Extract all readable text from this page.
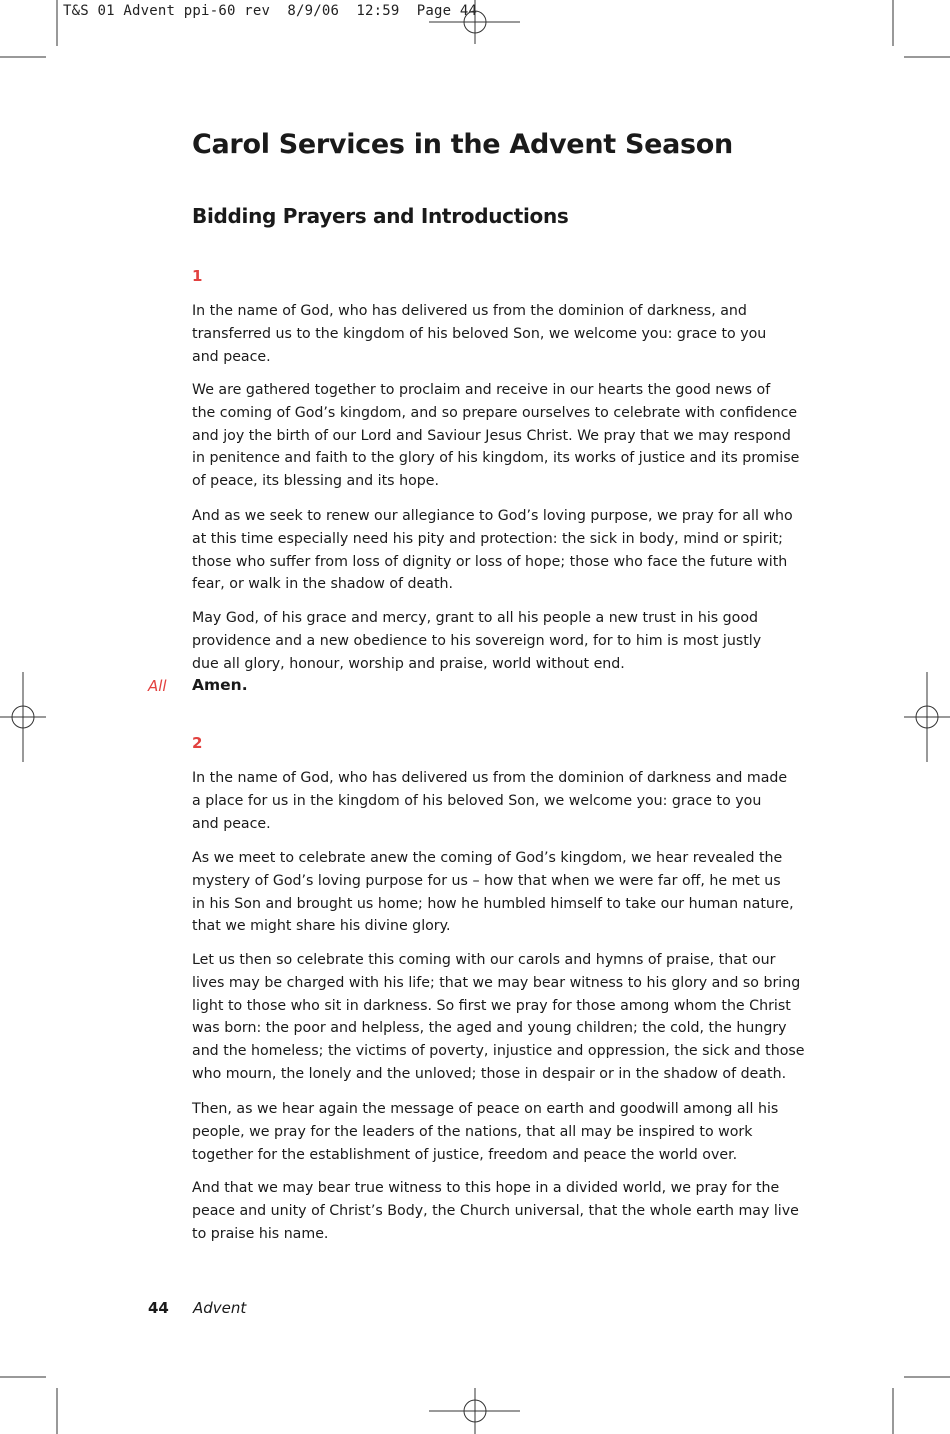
T&S 01 Advent ppi-60 rev  8/9/06  12:59  Page 44
Carol Services in the Advent Season
Bidding Prayers and Introductions
1

In the name of God, who has delivered us from the dominion of darkness, and
transferred us to the kingdom of his beloved Son, we welcome you: grace to you
and peace.

We are gathered together to proclaim and receive in our hearts the good news of
the coming of God’s kingdom, and so prepare ourselves to celebrate with confidence
and joy the birth of our Lord and Saviour Jesus Christ. We pray that we may respond
in penitence and faith to the glory of his kingdom, its works of justice and its promise
of peace, its blessing and its hope.

And as we seek to renew our allegiance to God’s loving purpose, we pray for all who
at this time especially need his pity and protection: the sick in body, mind or spirit;
those who suffer from loss of dignity or loss of hope; those who face the future with
fear, or walk in the shadow of death.

May God, of his grace and mercy, grant to all his people a new trust in his good
providence and a new obedience to his sovereign word, for to him is most justly
due all glory, honour, worship and praise, world without end.

All Amen.
2

In the name of God, who has delivered us from the dominion of darkness and made
a place for us in the kingdom of his beloved Son, we welcome you: grace to you
and peace.

As we meet to celebrate anew the coming of God’s kingdom, we hear revealed the
mystery of God’s loving purpose for us – how that when we were far off, he met us
in his Son and brought us home; how he humbled himself to take our human nature,
that we might share his divine glory.

Let us then so celebrate this coming with our carols and hymns of praise, that our
lives may be charged with his life; that we may bear witness to his glory and so bring
light to those who sit in darkness. So first we pray for those among whom the Christ
was born: the poor and helpless, the aged and young children; the cold, the hungry
and the homeless; the victims of poverty, injustice and oppression, the sick and those
who mourn, the lonely and the unloved; those in despair or in the shadow of death.

Then, as we hear again the message of peace on earth and goodwill among all his
people, we pray for the leaders of the nations, that all may be inspired to work
together for the establishment of justice, freedom and peace the world over.

And that we may bear true witness to this hope in a divided world, we pray for the
peace and unity of Christ’s Body, the Church universal, that the whole earth may live
to praise his name.

44 Advent
